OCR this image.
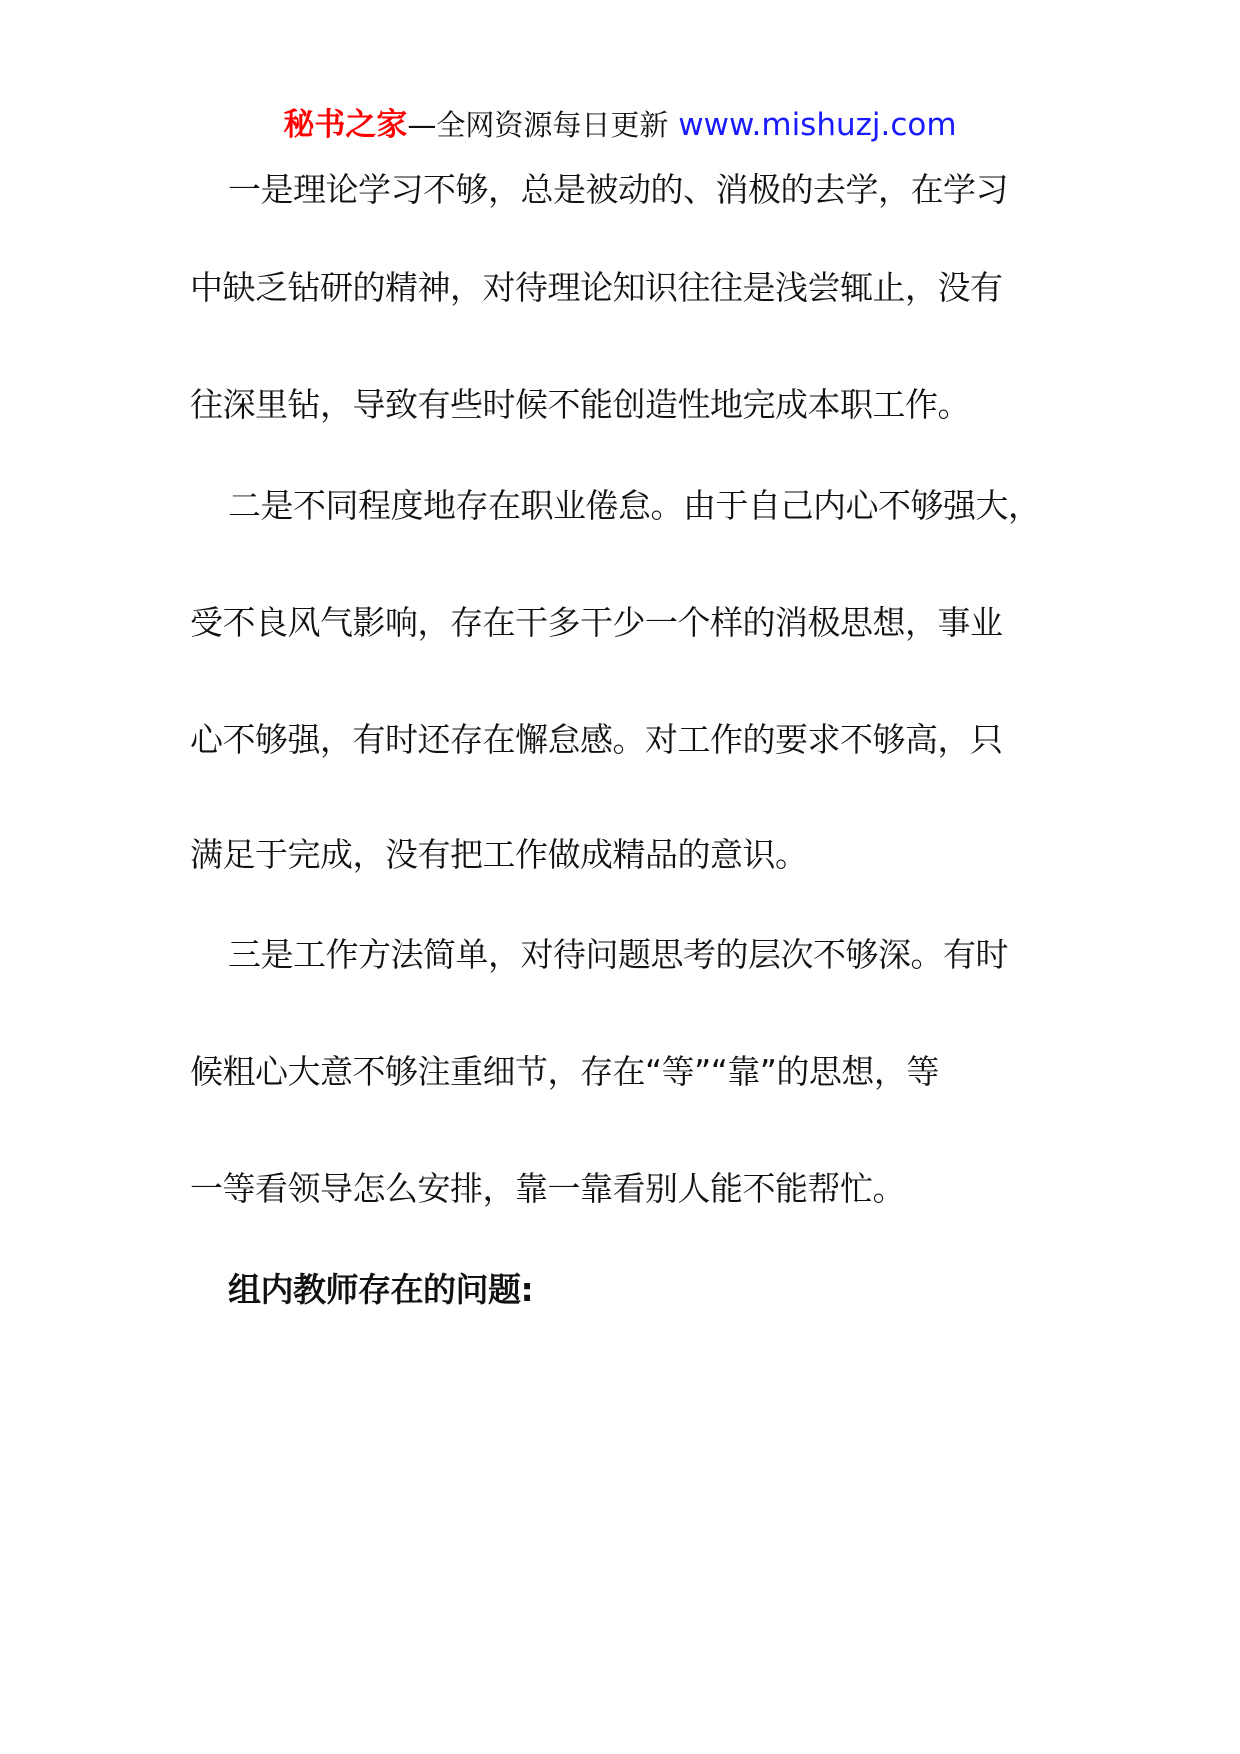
秘书之家—全网资源每日更新 www.mishuzj.com
一是理论学习不够，总是被动的、消极的去学，在学习
中缺乏钻研的精神，对待理论知识往往是浅尝辄止，没有
往深里钻，导致有些时候不能创造性地完成本职工作。
二是不同程度地存在职业倦怠。由于自己内心不够强大，
受不良风气影响，存在干多干少一个样的消极思想，事业
心不够强，有时还存在懈怠感。对工作的要求不够高，只
满足于完成，没有把工作做成精品的意识。
三是工作方法简单，对待问题思考的层次不够深。有时
候粗心大意不够注重细节，存在“等”“靠”的思想，等
一等看领导怎么安排，靠一靠看别人能不能帮忙。
组内教师存在的问题:
